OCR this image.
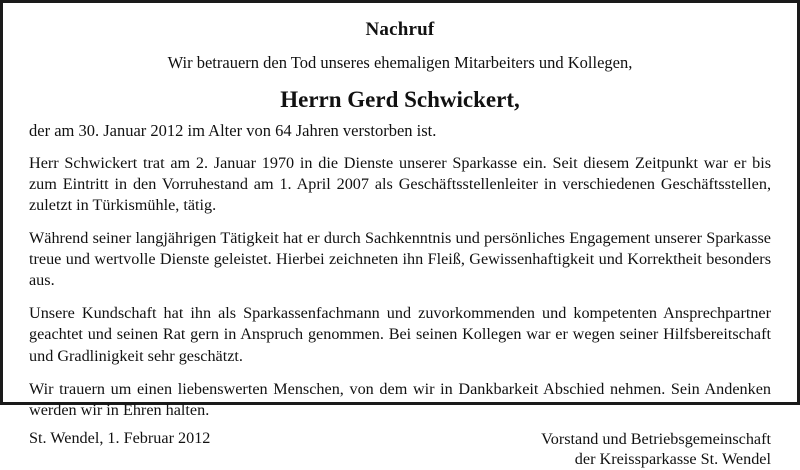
Nachruf
Wir betrauern den Tod unseres ehemaligen Mitarbeiters und Kollegen,
Herrn Gerd Schwickert,
der am 30. Januar 2012 im Alter von 64 Jahren verstorben ist.

Herr Schwickert trat am 2. Januar 1970 in die Dienste unserer Sparkasse ein. Seit diesem Zeitpunkt war er bis zum Eintritt in den Vorruhestand am 1. April 2007 als Geschäftsstellenleiter in verschiedenen Geschäftsstellen, zuletzt in Türkismühle, tätig.

Während seiner langjährigen Tätigkeit hat er durch Sachkenntnis und persönliches Engagement unserer Sparkasse treue und wertvolle Dienste geleistet. Hierbei zeichneten ihn Fleiß, Gewissenhaftigkeit und Korrektheit besonders aus.

Unsere Kundschaft hat ihn als Sparkassenfachmann und zuvorkommenden und kompetenten Ansprechpartner geachtet und seinen Rat gern in Anspruch genommen. Bei seinen Kollegen war er wegen seiner Hilfsbereitschaft und Gradlinigkeit sehr geschätzt.

Wir trauern um einen liebenswerten Menschen, von dem wir in Dankbarkeit Abschied nehmen. Sein Andenken werden wir in Ehren halten.

St. Wendel, 1. Februar 2012	Vorstand und Betriebsgemeinschaft
der Kreissparkasse St. Wendel
